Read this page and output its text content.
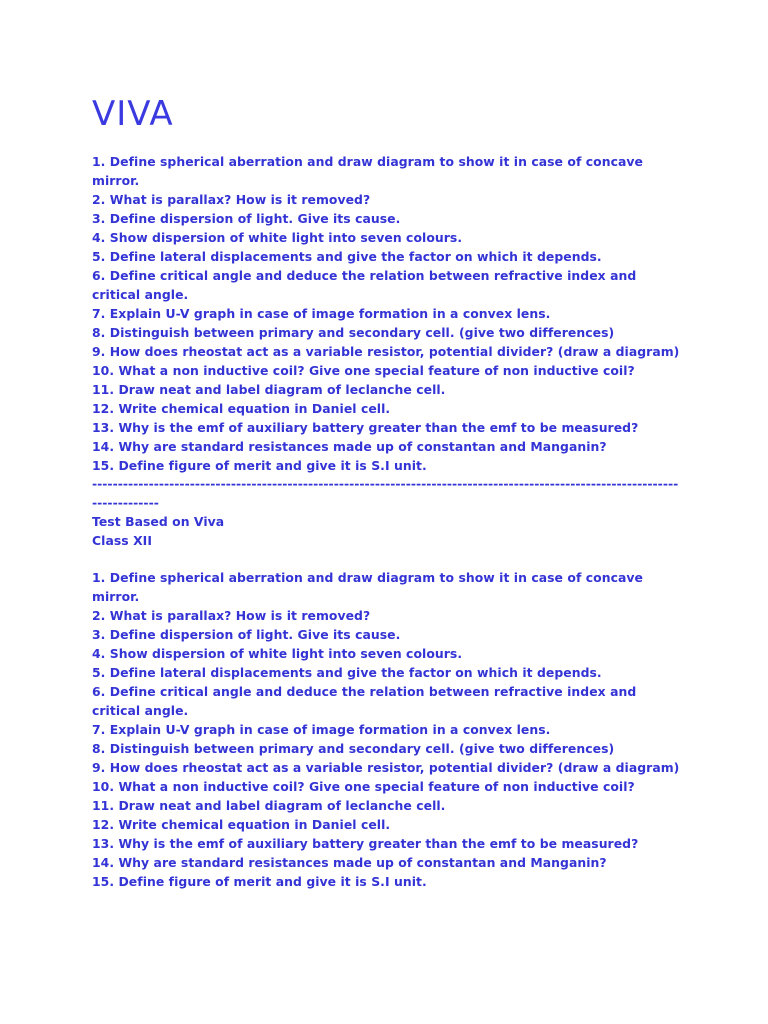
VIVA
1. Define spherical aberration and draw diagram to show it in case of concave mirror.
2. What is parallax? How is it removed?
3. Define dispersion of light. Give its cause.
4. Show dispersion of white light into seven colours.
5. Define lateral displacements and give the factor on which it depends.
6. Define critical angle and deduce the relation between refractive index and critical angle.
7. Explain U-V graph in case of image formation in a convex lens.
8. Distinguish between primary and secondary cell. (give two differences)
9. How does rheostat act as a variable resistor, potential divider? (draw a diagram)
10. What a non inductive coil? Give one special feature of non inductive coil?
11. Draw neat and label diagram of leclanche cell.
12. Write chemical equation in Daniel cell.
13. Why is the emf of auxiliary battery greater than the emf to be measured?
14. Why are standard resistances made up of constantan and Manganin?
15. Define figure of merit and give it is S.I unit.
-------------------------------------------------------------------------------------------------------------------------------
Test Based on Viva
Class XII
1. Define spherical aberration and draw diagram to show it in case of concave mirror.
2. What is parallax? How is it removed?
3. Define dispersion of light. Give its cause.
4. Show dispersion of white light into seven colours.
5. Define lateral displacements and give the factor on which it depends.
6. Define critical angle and deduce the relation between refractive index and critical angle.
7. Explain U-V graph in case of image formation in a convex lens.
8. Distinguish between primary and secondary cell. (give two differences)
9. How does rheostat act as a variable resistor, potential divider? (draw a diagram)
10. What a non inductive coil? Give one special feature of non inductive coil?
11. Draw neat and label diagram of leclanche cell.
12. Write chemical equation in Daniel cell.
13. Why is the emf of auxiliary battery greater than the emf to be measured?
14. Why are standard resistances made up of constantan and Manganin?
15. Define figure of merit and give it is S.I unit.
